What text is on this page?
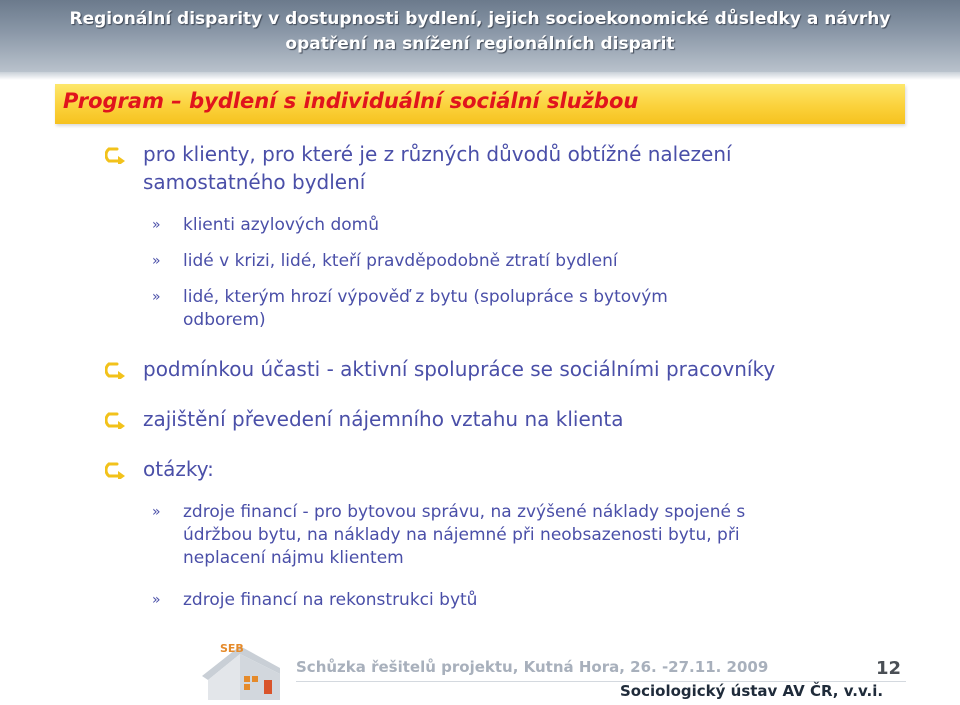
Regionální disparity v dostupnosti bydlení, jejich socioekonomické důsledky a návrhy
opatření na snížení regionálních disparit
Program – bydlení s individuální sociální službou
pro klienty, pro které je z různých důvodů obtížné nalezení
samostatného bydlení
klienti azylových domů
»
lidé v krizi, lidé, kteří pravděpodobně ztratí bydlení
»
lidé, kterým hrozí výpověď z bytu (spolupráce s bytovým
odborem)
»
podmínkou účasti - aktivní spolupráce se sociálními pracovníky
zajištění převedení nájemního vztahu na klienta
otázky:
zdroje financí - pro bytovou správu, na zvýšené náklady spojené s
údržbou bytu, na náklady na nájemné při neobsazenosti bytu, při
neplacení nájmu klientem
»
zdroje financí na rekonstrukci bytů
»
SEB
Schůzka řešitelů projektu, Kutná Hora, 26. -27.11. 2009	12
Sociologický ústav AV ČR, v.v.i.
